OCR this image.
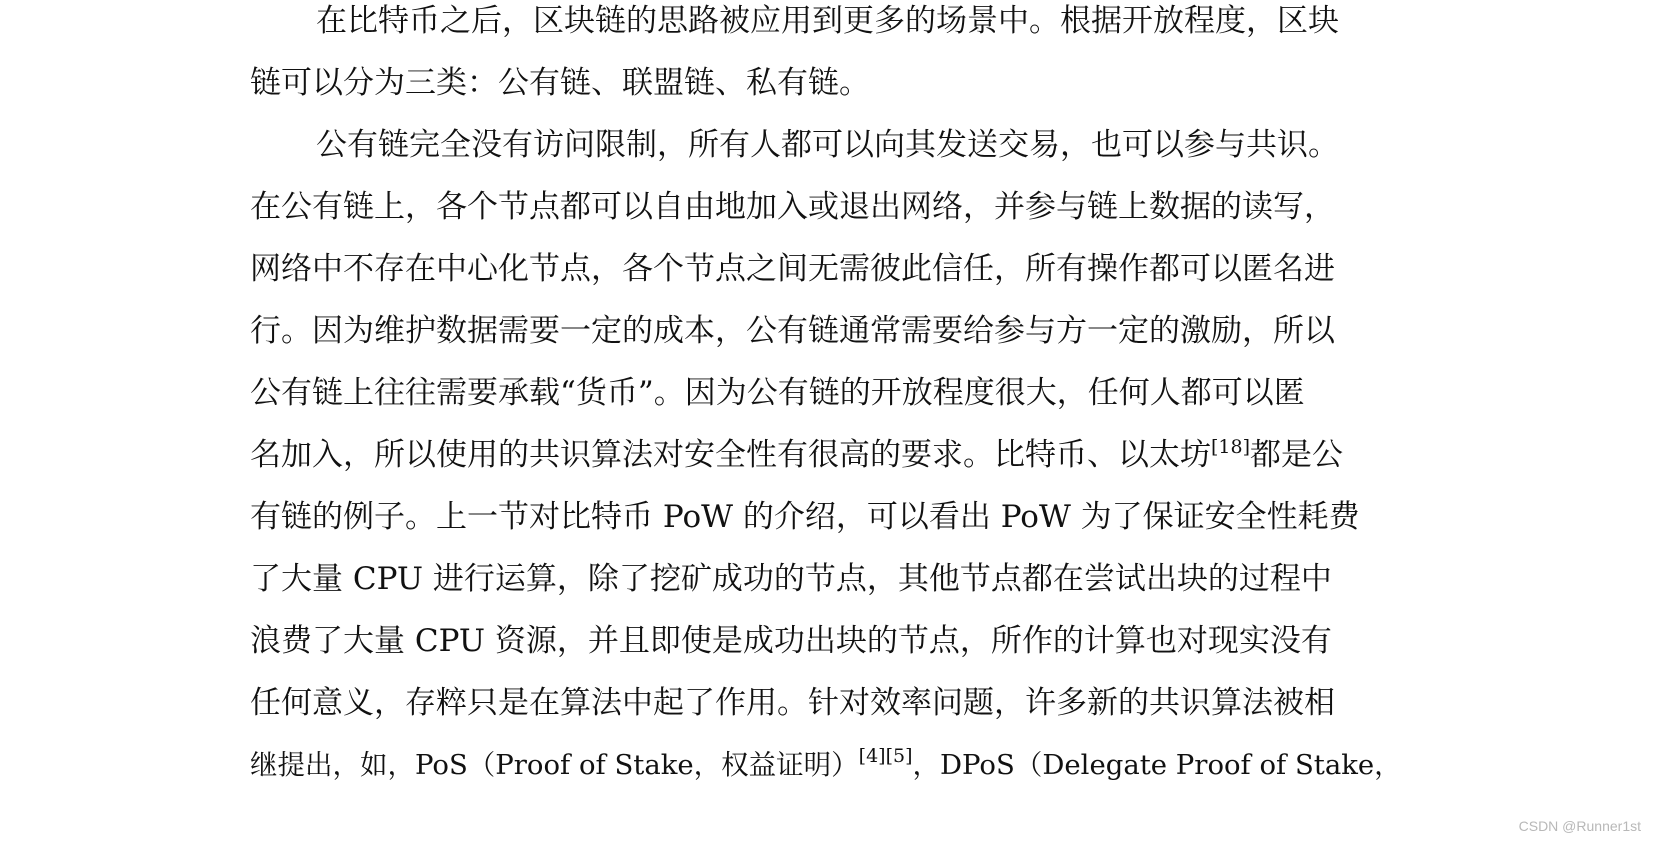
在比特币之后，区块链的思路被应用到更多的场景中。根据开放程度，区块
链可以分为三类：公有链、联盟链、私有链。
公有链完全没有访问限制，所有人都可以向其发送交易，也可以参与共识。
在公有链上，各个节点都可以自由地加入或退出网络，并参与链上数据的读写，
网络中不存在中心化节点，各个节点之间无需彼此信任，所有操作都可以匿名进
行。因为维护数据需要一定的成本，公有链通常需要给参与方一定的激励，所以
公有链上往往需要承载“货币”。因为公有链的开放程度很大，任何人都可以匿
名加入，所以使用的共识算法对安全性有很高的要求。比特币、以太坊[18]都是公
有链的例子。上一节对比特币 PoW 的介绍，可以看出 PoW 为了保证安全性耗费
了大量 CPU 进行运算，除了挖矿成功的节点，其他节点都在尝试出块的过程中
浪费了大量 CPU 资源，并且即使是成功出块的节点，所作的计算也对现实没有
任何意义，存粹只是在算法中起了作用。针对效率问题，许多新的共识算法被相
继提出，如，PoS（Proof of Stake，权益证明）[4][5]，DPoS（Delegate Proof of Stake，
CSDN @Runner1st
